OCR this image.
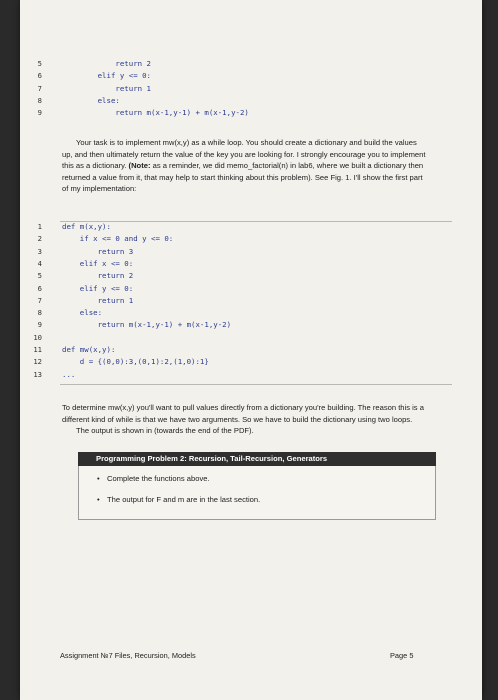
5	return 2
6	elif y <= 0:
7	return 1
8	else:
9	return m(x-1,y-1) + m(x-1,y-2)

Your task is to implement mw(x,y) as a while loop. You should create a dictionary and build the values up, and then ultimately return the value of the key you are looking for. I strongly encourage you to implement this as a dictionary. (Note: as a reminder, we did memo_factorial(n) in lab6, where we built a dictionary then returned a value from it, that may help to start thinking about this problem). See Fig. 1. I'll show the first part of my implementation:

1	def m(x,y):
2	if x <= 0 and y <= 0:
3	return 3
4	elif x <= 0:
5	return 2
6	elif y <= 0:
7	return 1
8	else:
9	return m(x-1,y-1) + m(x-1,y-2)
10
11	def mw(x,y):
12	d = {(0,0):3,(0,1):2,(1,0):1}
13	...

To determine mw(x,y) you'll want to pull values directly from a dictionary you're building. The reason this is a different kind of while is that we have two arguments. So we have to build the dictionary using two loops.

The output is shown in (towards the end of the PDF).

Programming Problem 2: Recursion, Tail-Recursion, Generators
• Complete the functions above.
• The output for F and m are in the last section.
Assignment №7 Files, Recursion, Models	Page 5
